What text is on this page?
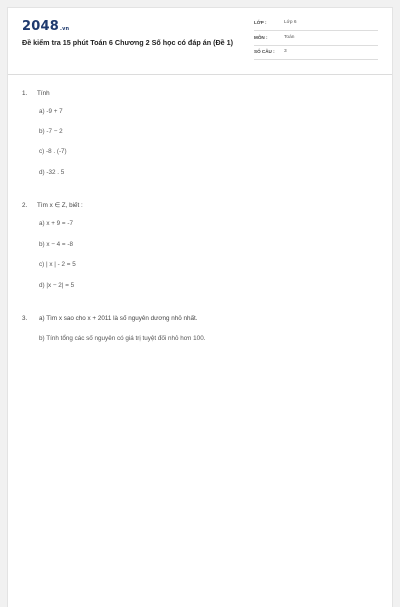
2048.vn
Đề kiểm tra 15 phút Toán 6 Chương 2 Số học có đáp án (Đề 1)
LỚP :	Lớp 6
MÔN :	Toán
SỐ CÂU : 3
1. Tính
a) -9 + 7
b) -7 − 2
c) -8 . (-7)
d) -32 . 5
2. Tìm x ∈ Z, biết :
a) x + 9 = -7
b) x − 4 = -8
c) | x | - 2 = 5
d) |x − 2| = 5
3. a) Tìm x sao cho x + 2011 là số nguyên dương nhỏ nhất.
b) Tính tổng các số nguyên có giá trị tuyệt đối nhỏ hơn 100.
